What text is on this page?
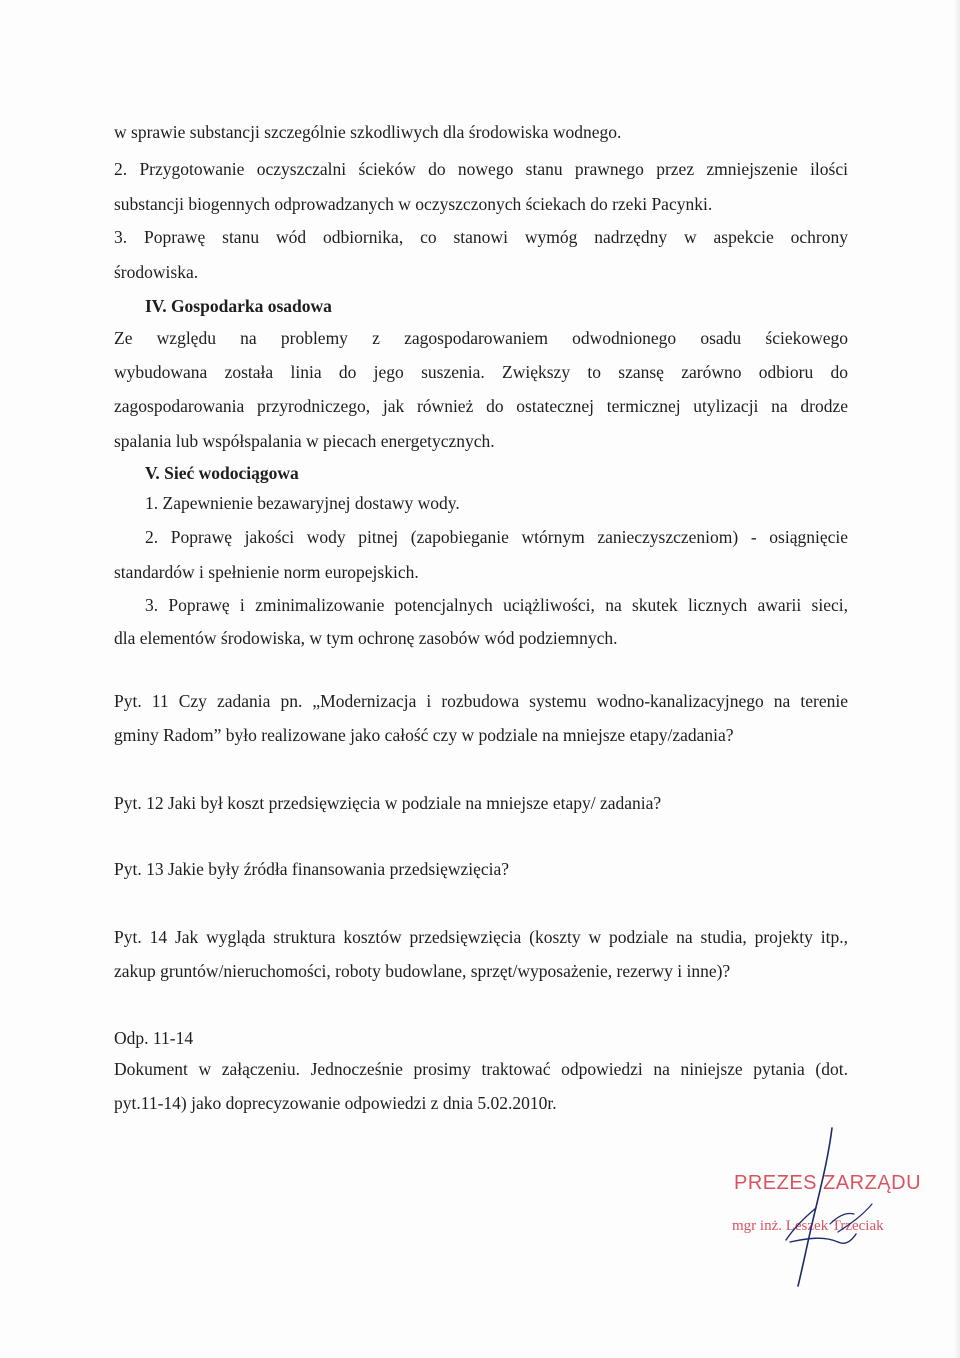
w sprawie substancji szczególnie szkodliwych dla środowiska wodnego.
2. Przygotowanie oczyszczalni ścieków do nowego stanu prawnego przez zmniejszenie ilości
substancji biogennych odprowadzanych w oczyszczonych ściekach do rzeki Pacynki.
3. Poprawę stanu wód odbiornika, co stanowi wymóg nadrzędny w aspekcie ochrony
środowiska.
IV. Gospodarka osadowa
Ze względu na problemy z zagospodarowaniem odwodnionego osadu ściekowego
wybudowana została linia do jego suszenia. Zwiększy to szansę zarówno odbioru do
zagospodarowania przyrodniczego, jak również do ostatecznej termicznej utylizacji na drodze
spalania lub współspalania w piecach energetycznych.
V. Sieć wodociągowa
1. Zapewnienie bezawaryjnej dostawy wody.
2. Poprawę jakości wody pitnej (zapobieganie wtórnym zanieczyszczeniom) - osiągnięcie
standardów i spełnienie norm europejskich.
3. Poprawę i zminimalizowanie potencjalnych uciążliwości, na skutek licznych awarii sieci,
dla elementów środowiska, w tym ochronę zasobów wód podziemnych.
Pyt. 11 Czy zadania pn. „Modernizacja i rozbudowa systemu wodno-kanalizacyjnego na terenie
gminy Radom” było realizowane jako całość czy w podziale na mniejsze etapy/zadania?
Pyt. 12 Jaki był koszt przedsięwzięcia w podziale na mniejsze etapy/ zadania?
Pyt. 13 Jakie były źródła finansowania przedsięwzięcia?
Pyt. 14 Jak wygląda struktura kosztów przedsięwzięcia (koszty w podziale na studia, projekty itp.,
zakup gruntów/nieruchomości, roboty budowlane, sprzęt/wyposażenie, rezerwy i inne)?
Odp. 11-14
Dokument w załączeniu. Jednocześnie prosimy traktować odpowiedzi na niniejsze pytania (dot.
pyt.11-14) jako doprecyzowanie odpowiedzi z dnia 5.02.2010r.
PREZES ZARZĄDU
mgr inż. Leszek Trzeciak
